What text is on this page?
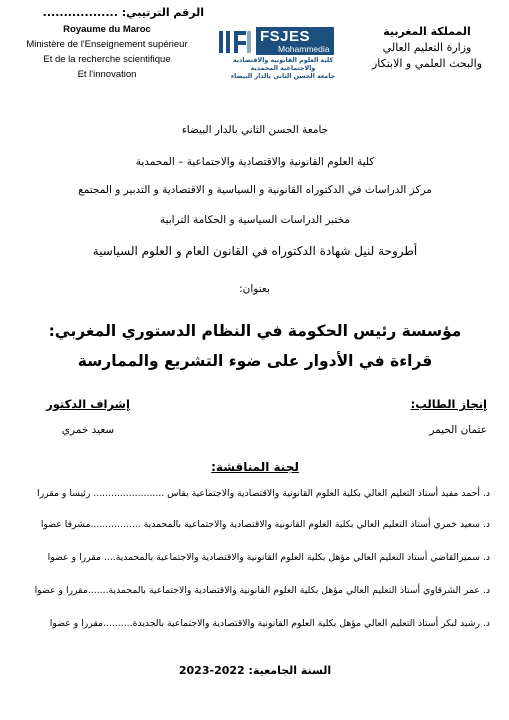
الرقم الترتيبي: ..................
المملكة المغربية
وزارة التعليم العالي
والبحث العلمي و الابتكار
Royaume du Maroc
Ministère de l'Enseignement supérieur
Et de la recherche scientifique
Et l'innovation
FSJES
Mohammedia
كلية العلوم القانونية والاقتصادية
والاجتماعية المحمدية
جامعة الحسن الثاني بالدار البيضاء
جامعة الحسن الثاني بالدار البيضاء
كلية العلوم القانونية والاقتصادية والاجتماعية – المحمدية
مركز الدراسات في الدكتوراه القانونية و السياسية و الاقتصادية و التدبير و المجتمع
مختبر الدراسات السياسية و الحكامة الترابية
أطروحة لنيل شهادة الدكتوراه في القانون العام و العلوم السياسية
بعنوان:
مؤسسة رئيس الحكومة في النظام الدستوري المغربي:
قراءة في الأدوار على ضوء التشريع والممارسة
إنجاز الطالب:
عثمان الحيمر
إشراف الدكتور
سعيد خمري
لجنة المناقشة:
د. أحمد مفيد أستاذ التعليم العالي بكلية العلوم القانونية والاقتصادية والاجتماعية بفاس ........................ رئيسا و مقررا
د. سعيد خمري أستاذ التعليم العالي بكلية العلوم القانونية والاقتصادية والاجتماعية بالمحمدية .................مشرفا عضوا
د. سميرالقاضي أستاذ التعليم العالي مؤهل بكلية العلوم القانونية والاقتصادية والاجتماعية بالمحمدية.... مقررا و عضوا
د. عمر الشرقاوي أستاذ التعليم العالي مؤهل بكلية العلوم القانونية والاقتصادية والاجتماعية بالمحمدية.......مقررا و عضوا
د. رشيد لبكر أستاذ التعليم العالي مؤهل بكلية العلوم القانونية والاقتصادية والاجتماعية بالجديدة..........مقررا و عضوا
السنة الجامعية: 2022-2023
